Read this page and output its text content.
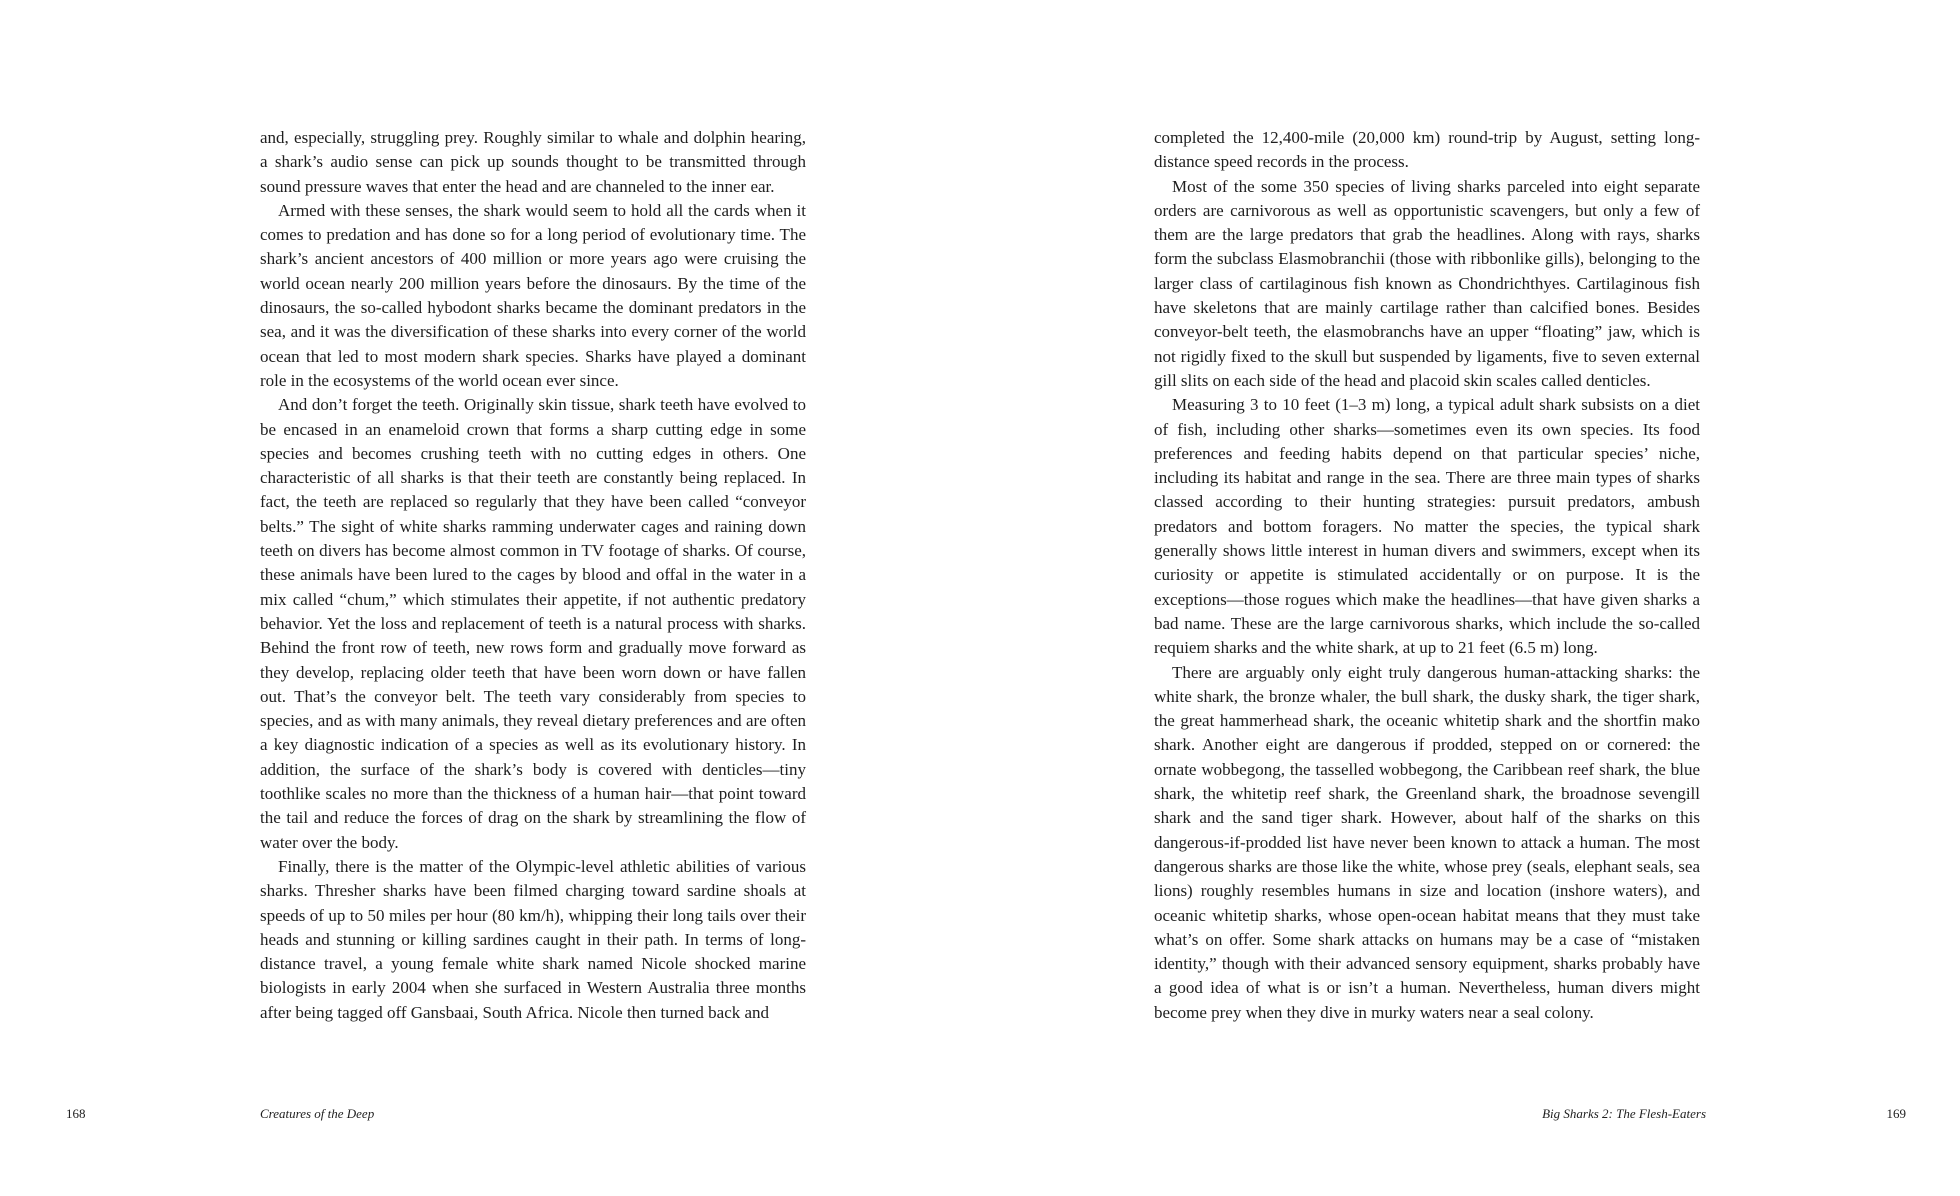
and, especially, struggling prey. Roughly similar to whale and dolphin hearing, a shark’s audio sense can pick up sounds thought to be transmitted through sound pressure waves that enter the head and are channeled to the inner ear.

Armed with these senses, the shark would seem to hold all the cards when it comes to predation and has done so for a long period of evolutionary time. The shark’s ancient ancestors of 400 million or more years ago were cruising the world ocean nearly 200 million years before the dinosaurs. By the time of the dinosaurs, the so-called hybodont sharks became the dominant predators in the sea, and it was the diversification of these sharks into every corner of the world ocean that led to most modern shark species. Sharks have played a dominant role in the ecosystems of the world ocean ever since.

And don’t forget the teeth. Originally skin tissue, shark teeth have evolved to be encased in an enameloid crown that forms a sharp cutting edge in some species and becomes crushing teeth with no cutting edges in others. One characteristic of all sharks is that their teeth are constantly being replaced. In fact, the teeth are replaced so regularly that they have been called “conveyor belts.” The sight of white sharks ramming underwater cages and raining down teeth on divers has become almost common in TV footage of sharks. Of course, these animals have been lured to the cages by blood and offal in the water in a mix called “chum,” which stimulates their appetite, if not authentic predatory behavior. Yet the loss and replacement of teeth is a natural process with sharks. Behind the front row of teeth, new rows form and gradually move forward as they develop, replacing older teeth that have been worn down or have fallen out. That’s the conveyor belt. The teeth vary considerably from species to species, and as with many animals, they reveal dietary preferences and are often a key diagnostic indication of a species as well as its evolutionary history. In addition, the surface of the shark’s body is covered with denticles—tiny toothlike scales no more than the thickness of a human hair—that point toward the tail and reduce the forces of drag on the shark by streamlining the flow of water over the body.

Finally, there is the matter of the Olympic-level athletic abilities of various sharks. Thresher sharks have been filmed charging toward sardine shoals at speeds of up to 50 miles per hour (80 km/h), whipping their long tails over their heads and stunning or killing sardines caught in their path. In terms of long-distance travel, a young female white shark named Nicole shocked marine biologists in early 2004 when she surfaced in Western Australia three months after being tagged off Gansbaai, South Africa. Nicole then turned back and

168	Creatures of the Deep

completed the 12,400-mile (20,000 km) round-trip by August, setting long-distance speed records in the process.

Most of the some 350 species of living sharks parceled into eight separate orders are carnivorous as well as opportunistic scavengers, but only a few of them are the large predators that grab the headlines. Along with rays, sharks form the subclass Elasmobranchii (those with ribbonlike gills), belonging to the larger class of cartilaginous fish known as Chondrichthyes. Cartilaginous fish have skeletons that are mainly cartilage rather than calcified bones. Besides conveyor-belt teeth, the elasmobranchs have an upper “floating” jaw, which is not rigidly fixed to the skull but suspended by ligaments, five to seven external gill slits on each side of the head and placoid skin scales called denticles.

Measuring 3 to 10 feet (1–3 m) long, a typical adult shark subsists on a diet of fish, including other sharks—sometimes even its own species. Its food preferences and feeding habits depend on that particular species’ niche, including its habitat and range in the sea. There are three main types of sharks classed according to their hunting strategies: pursuit predators, ambush predators and bottom foragers. No matter the species, the typical shark generally shows little interest in human divers and swimmers, except when its curiosity or appetite is stimulated accidentally or on purpose. It is the exceptions—those rogues which make the headlines—that have given sharks a bad name. These are the large carnivorous sharks, which include the so-called requiem sharks and the white shark, at up to 21 feet (6.5 m) long.

There are arguably only eight truly dangerous human-attacking sharks: the white shark, the bronze whaler, the bull shark, the dusky shark, the tiger shark, the great hammerhead shark, the oceanic whitetip shark and the shortfin mako shark. Another eight are dangerous if prodded, stepped on or cornered: the ornate wobbegong, the tasselled wobbegong, the Caribbean reef shark, the blue shark, the whitetip reef shark, the Greenland shark, the broadnose sevengill shark and the sand tiger shark. However, about half of the sharks on this dangerous-if-prodded list have never been known to attack a human. The most dangerous sharks are those like the white, whose prey (seals, elephant seals, sea lions) roughly resembles humans in size and location (inshore waters), and oceanic whitetip sharks, whose open-ocean habitat means that they must take what’s on offer. Some shark attacks on humans may be a case of “mistaken identity,” though with their advanced sensory equipment, sharks probably have a good idea of what is or isn’t a human. Nevertheless, human divers might become prey when they dive in murky waters near a seal colony.

Big Sharks 2: The Flesh-Eaters	169
